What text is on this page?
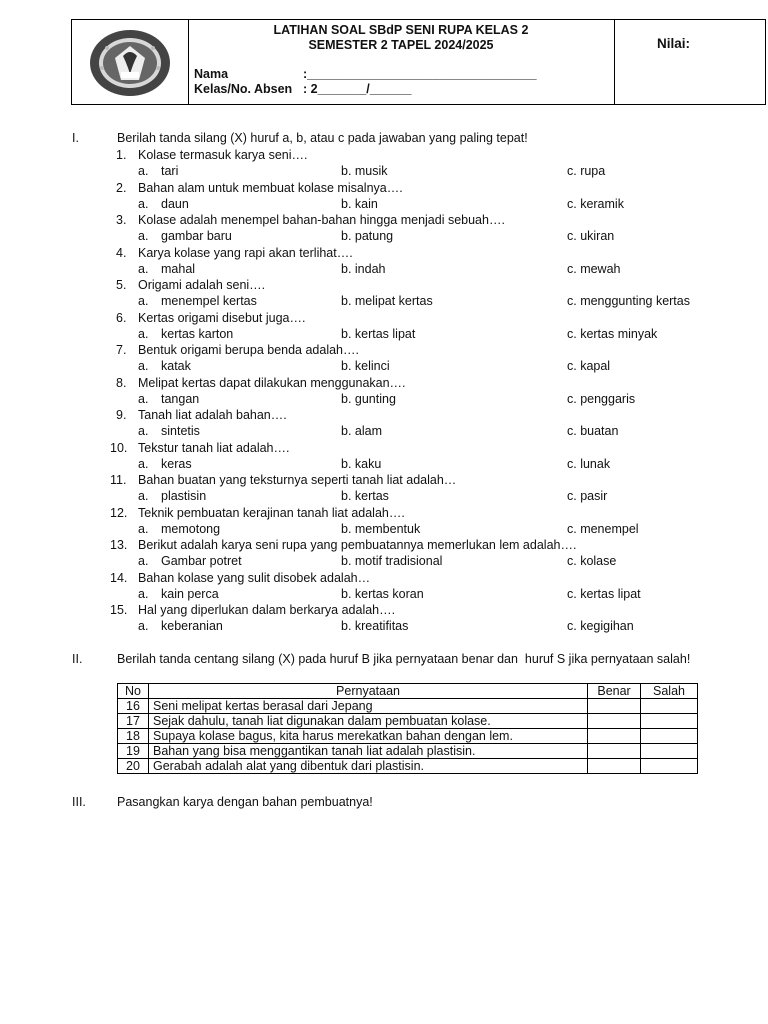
LATIHAN SOAL SBdP SENI RUPA KELAS 2
SEMESTER 2 TAPEL 2024/2025
Nama	:_________________________________
Kelas/No. Absen : 2_______/______
Nilai:
I.	Berilah tanda silang (X) huruf a, b, atau c pada jawaban yang paling tepat!
1. Kolase termasuk karya seni….
a. tari	b. musik	c. rupa
2. Bahan alam untuk membuat kolase misalnya….
a. daun	b. kain	c. keramik
3. Kolase adalah menempel bahan-bahan hingga menjadi sebuah….
a. gambar baru	b. patung	c. ukiran
4. Karya kolase yang rapi akan terlihat….
a. mahal	b. indah	c. mewah
5. Origami adalah seni….
a. menempel kertas	b. melipat kertas	c. menggunting kertas
6. Kertas origami disebut juga….
a. kertas karton	b. kertas lipat	c. kertas minyak
7. Bentuk origami berupa benda adalah….
a. katak	b. kelinci	c. kapal
8. Melipat kertas dapat dilakukan menggunakan….
a. tangan	b. gunting	c. penggaris
9. Tanah liat adalah bahan….
a. sintetis	b. alam	c. buatan
10. Tekstur tanah liat adalah….
a. keras	b. kaku	c. lunak
11. Bahan buatan yang teksturnya seperti tanah liat adalah…
a. plastisin	b. kertas	c. pasir
12. Teknik pembuatan kerajinan tanah liat adalah….
a. memotong	b. membentuk	c. menempel
13. Berikut adalah karya seni rupa yang pembuatannya memerlukan lem adalah….
a. Gambar potret	b. motif tradisional	c. kolase
14. Bahan kolase yang sulit disobek adalah…
a. kain perca	b. kertas koran	c. kertas lipat
15. Hal yang diperlukan dalam berkarya adalah….
a. keberanian	b. kreatifitas	c. kegigihan
II.	Berilah tanda centang silang (X) pada huruf B jika pernyataan benar dan  huruf S jika pernyataan salah!
No	Pernyataan	Benar	Salah
16	Seni melipat kertas berasal dari Jepang		
17	Sejak dahulu, tanah liat digunakan dalam pembuatan kolase.		
18	Supaya kolase bagus, kita harus merekatkan bahan dengan lem.		
19	Bahan yang bisa menggantikan tanah liat adalah plastisin.		
20	Gerabah adalah alat yang dibentuk dari plastisin.		
III. Pasangkan karya dengan bahan pembuatnya!
